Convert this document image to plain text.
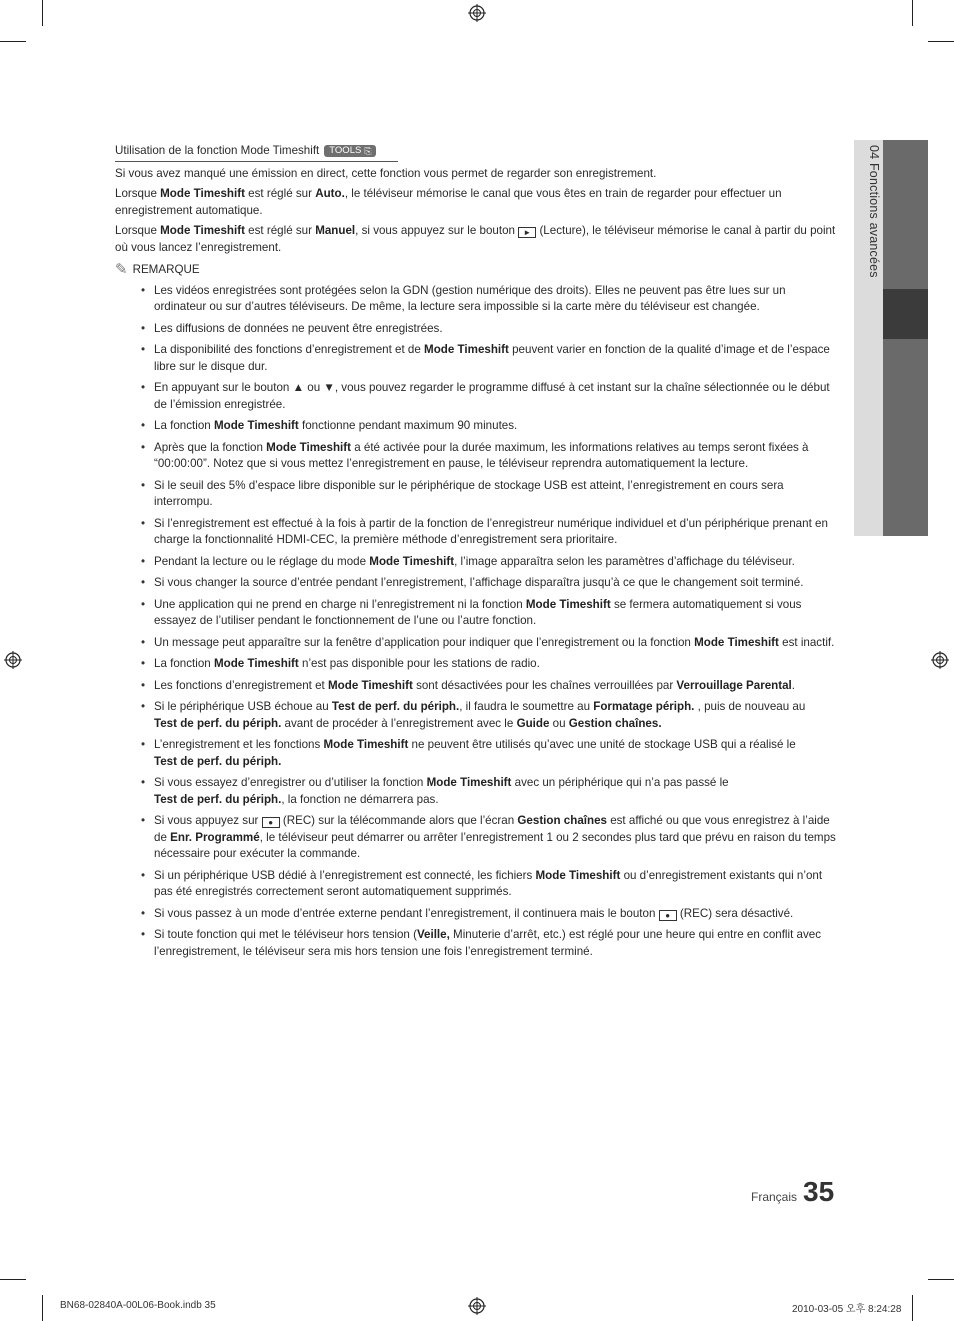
04 Fonctions avancées
Utilisation de la fonction Mode Timeshift TOOLS ⎘

Si vous avez manqué une émission en direct, cette fonction vous permet de regarder son enregistrement.

Lorsque Mode Timeshift est réglé sur Auto., le téléviseur mémorise le canal que vous êtes en train de regarder pour effectuer un enregistrement automatique.

Lorsque Mode Timeshift est réglé sur Manuel, si vous appuyez sur le bouton ► (Lecture), le téléviseur mémorise le canal à partir du point où vous lancez l’enregistrement.

✎ REMARQUE
• Les vidéos enregistrées sont protégées selon la GDN (gestion numérique des droits). Elles ne peuvent pas être lues sur un ordinateur ou sur d’autres téléviseurs. De même, la lecture sera impossible si la carte mère du téléviseur est changée.
• Les diffusions de données ne peuvent être enregistrées.
• La disponibilité des fonctions d’enregistrement et de Mode Timeshift peuvent varier en fonction de la qualité d’image et de l’espace libre sur le disque dur.
• En appuyant sur le bouton ▲ ou ▼, vous pouvez regarder le programme diffusé à cet instant sur la chaîne sélectionnée ou le début de l’émission enregistrée.
• La fonction Mode Timeshift fonctionne pendant maximum 90 minutes.
• Après que la fonction Mode Timeshift a été activée pour la durée maximum, les informations relatives au temps seront fixées à “00:00:00”. Notez que si vous mettez l’enregistrement en pause, le téléviseur reprendra automatiquement la lecture.
• Si le seuil des 5% d’espace libre disponible sur le périphérique de stockage USB est atteint, l’enregistrement en cours sera interrompu.
• Si l’enregistrement est effectué à la fois à partir de la fonction de l’enregistreur numérique individuel et d’un périphérique prenant en charge la fonctionnalité HDMI-CEC, la première méthode d’enregistrement sera prioritaire.
• Pendant la lecture ou le réglage du mode Mode Timeshift, l’image apparaîtra selon les paramètres d’affichage du téléviseur.
• Si vous changer la source d’entrée pendant l’enregistrement, l’affichage disparaîtra jusqu’à ce que le changement soit terminé.
• Une application qui ne prend en charge ni l’enregistrement ni la fonction Mode Timeshift se fermera automatiquement si vous essayez de l’utiliser pendant le fonctionnement de l’une ou l’autre fonction.
• Un message peut apparaître sur la fenêtre d’application pour indiquer que l’enregistrement ou la fonction Mode Timeshift est inactif.
• La fonction Mode Timeshift n’est pas disponible pour les stations de radio.
• Les fonctions d’enregistrement et Mode Timeshift sont désactivées pour les chaînes verrouillées par Verrouillage Parental.
• Si le périphérique USB échoue au Test de perf. du périph., il faudra le soumettre au Formatage périph. , puis de nouveau au
Test de perf. du périph. avant de procéder à l’enregistrement avec le Guide ou Gestion chaînes.
• L’enregistrement et les fonctions Mode Timeshift ne peuvent être utilisés qu’avec une unité de stockage USB qui a réalisé le
Test de perf. du périph.
• Si vous essayez d’enregistrer ou d’utiliser la fonction Mode Timeshift avec un périphérique qui n’a pas passé le
Test de perf. du périph., la fonction ne démarrera pas.
• Si vous appuyez sur ● (REC) sur la télécommande alors que l’écran Gestion chaînes est affiché ou que vous enregistrez à l’aide de Enr. Programmé, le téléviseur peut démarrer ou arrêter l’enregistrement 1 ou 2 secondes plus tard que prévu en raison du temps nécessaire pour exécuter la commande.
• Si un périphérique USB dédié à l’enregistrement est connecté, les fichiers Mode Timeshift ou d’enregistrement existants qui n’ont pas été enregistrés correctement seront automatiquement supprimés.
• Si vous passez à un mode d’entrée externe pendant l’enregistrement, il continuera mais le bouton ● (REC) sera désactivé.
• Si toute fonction qui met le téléviseur hors tension (Veille, Minuterie d’arrêt, etc.) est réglé pour une heure qui entre en conflit avec l’enregistrement, le téléviseur sera mis hors tension une fois l’enregistrement terminé.
Français 35
BN68-02840A-00L06-Book.indb 35	2010-03-05 오후 8:24:28
